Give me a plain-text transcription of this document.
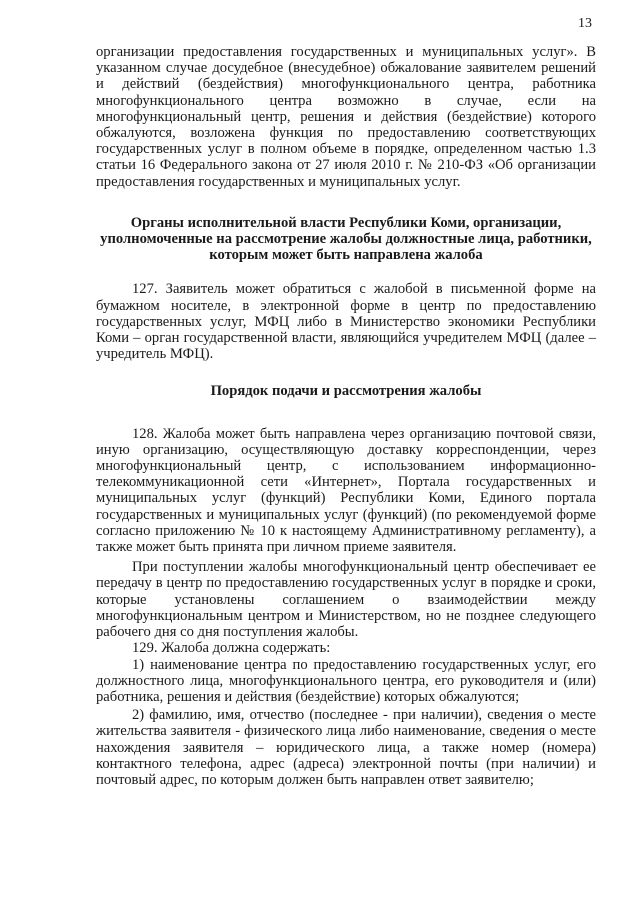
13

организации предоставления государственных и муниципальных услуг». В указанном случае досудебное (внесудебное) обжалование заявителем решений и действий (бездействия) многофункционального центра, работника многофункционального центра возможно в случае, если на многофункциональный центр, решения и действия (бездействие) которого обжалуются, возложена функция по предоставлению соответствующих государственных услуг в полном объеме в порядке, определенном частью 1.3 статьи 16 Федерального закона от 27 июля 2010 г. № 210-ФЗ «Об организации предоставления государственных и муниципальных услуг.

Органы исполнительной власти Республики Коми, организации, уполномоченные на рассмотрение жалобы должностные лица, работники, которым может быть направлена жалоба

127. Заявитель может обратиться с жалобой в письменной форме на бумажном носителе, в электронной форме в центр по предоставлению государственных услуг, МФЦ либо в Министерство экономики Республики Коми – орган государственной власти, являющийся учредителем МФЦ (далее – учредитель МФЦ).

Порядок подачи и рассмотрения жалобы

128. Жалоба может быть направлена через организацию почтовой связи, иную организацию, осуществляющую доставку корреспонденции, через многофункциональный центр, с использованием информационно-телекоммуникационной сети «Интернет», Портала государственных и муниципальных услуг (функций) Республики Коми, Единого портала государственных и муниципальных услуг (функций) (по рекомендуемой форме согласно приложению № 10 к настоящему Административному регламенту), а также может быть принята при личном приеме заявителя.

При поступлении жалобы многофункциональный центр обеспечивает ее передачу в центр по предоставлению государственных услуг в порядке и сроки, которые установлены соглашением о взаимодействии между многофункциональным центром и Министерством, но не позднее следующего рабочего дня со дня поступления жалобы.

129. Жалоба должна содержать:

1) наименование центра по предоставлению государственных услуг, его должностного лица, многофункционального центра, его руководителя и (или) работника, решения и действия (бездействие) которых обжалуются;

2) фамилию, имя, отчество (последнее - при наличии), сведения о месте жительства заявителя - физического лица либо наименование, сведения о месте нахождения заявителя – юридического лица, а также номер (номера) контактного телефона, адрес (адреса) электронной почты (при наличии) и почтовый адрес, по которым должен быть направлен ответ заявителю;
